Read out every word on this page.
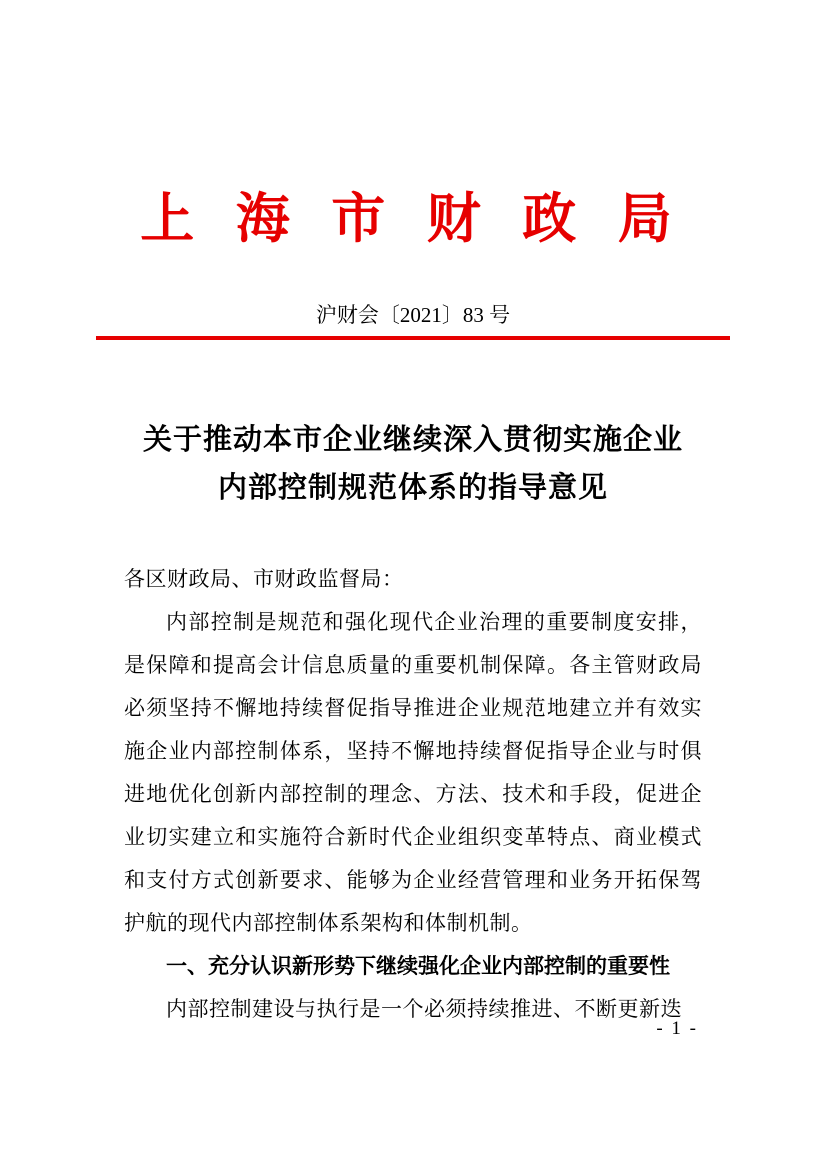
上 海 市 财 政 局
沪财会〔2021〕83 号
关于推动本市企业继续深入贯彻实施企业
内部控制规范体系的指导意见
各区财政局、市财政监督局：
内部控制是规范和强化现代企业治理的重要制度安排，是保障和提高会计信息质量的重要机制保障。各主管财政局必须坚持不懈地持续督促指导推进企业规范地建立并有效实施企业内部控制体系，坚持不懈地持续督促指导企业与时俱进地优化创新内部控制的理念、方法、技术和手段，促进企业切实建立和实施符合新时代企业组织变革特点、商业模式和支付方式创新要求、能够为企业经营管理和业务开拓保驾护航的现代内部控制体系架构和体制机制。
一、充分认识新形势下继续强化企业内部控制的重要性
内部控制建设与执行是一个必须持续推进、不断更新迭
- 1 -
